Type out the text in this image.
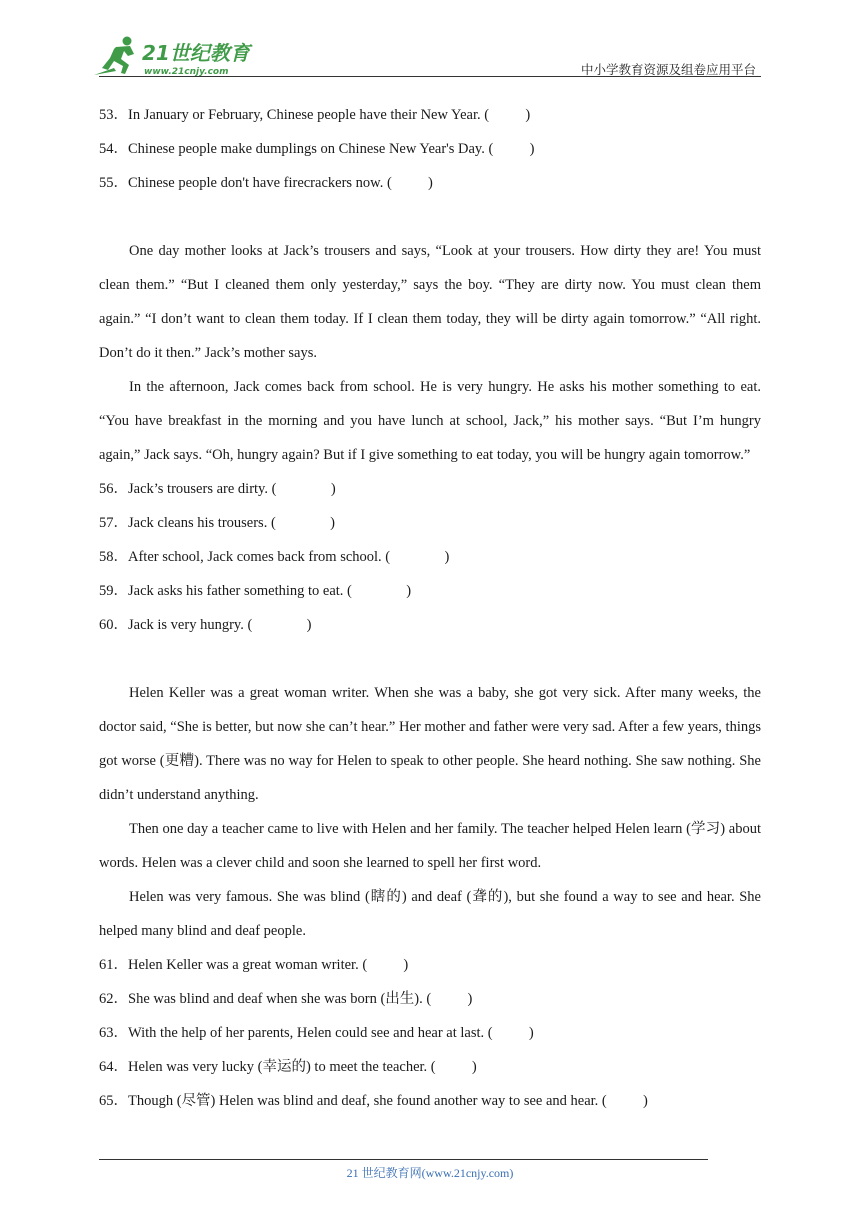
21世纪教育
www.21cnjy.com	中小学教育资源及组卷应用平台
53．In January or February, Chinese people have their New Year. (	)
54．Chinese people make dumplings on Chinese New Year's Day. (	)
55．Chinese people don't have firecrackers now. (	)

One day mother looks at Jack’s trousers and says, “Look at your trousers. How dirty they are! You must clean them.” “But I cleaned them only yesterday,” says the boy. “They are dirty now. You must clean them again.” “I don’t want to clean them today. If I clean them today, they will be dirty again tomorrow.” “All right. Don’t do it then.” Jack’s mother says.

In the afternoon, Jack comes back from school. He is very hungry. He asks his mother something to eat. “You have breakfast in the morning and you have lunch at school, Jack,” his mother says. “But I’m hungry again,” Jack says. “Oh, hungry again? But if I give something to eat today, you will be hungry again tomorrow.”

56．Jack’s trousers are dirty. (	)
57．Jack cleans his trousers. (	)
58．After school, Jack comes back from school. (	)
59．Jack asks his father something to eat. (	)
60．Jack is very hungry. (	)

Helen Keller was a great woman writer. When she was a baby, she got very sick. After many weeks, the doctor said, “She is better, but now she can’t hear.” Her mother and father were very sad. After a few years, things got worse (更糟). There was no way for Helen to speak to other people. She heard nothing. She saw nothing. She didn’t understand anything.

Then one day a teacher came to live with Helen and her family. The teacher helped Helen learn (学习) about words. Helen was a clever child and soon she learned to spell her first word.

Helen was very famous. She was blind (瞎的) and deaf (聋的), but she found a way to see and hear. She helped many blind and deaf people.

61．Helen Keller was a great woman writer. (	)
62．She was blind and deaf when she was born (出生). (	)
63．With the help of her parents, Helen could see and hear at last. (	)
64．Helen was very lucky (幸运的) to meet the teacher. (	)
65．Though (尽管) Helen was blind and deaf, she found another way to see and hear. (	)
21 世纪教育网(www.21cnjy.com)
